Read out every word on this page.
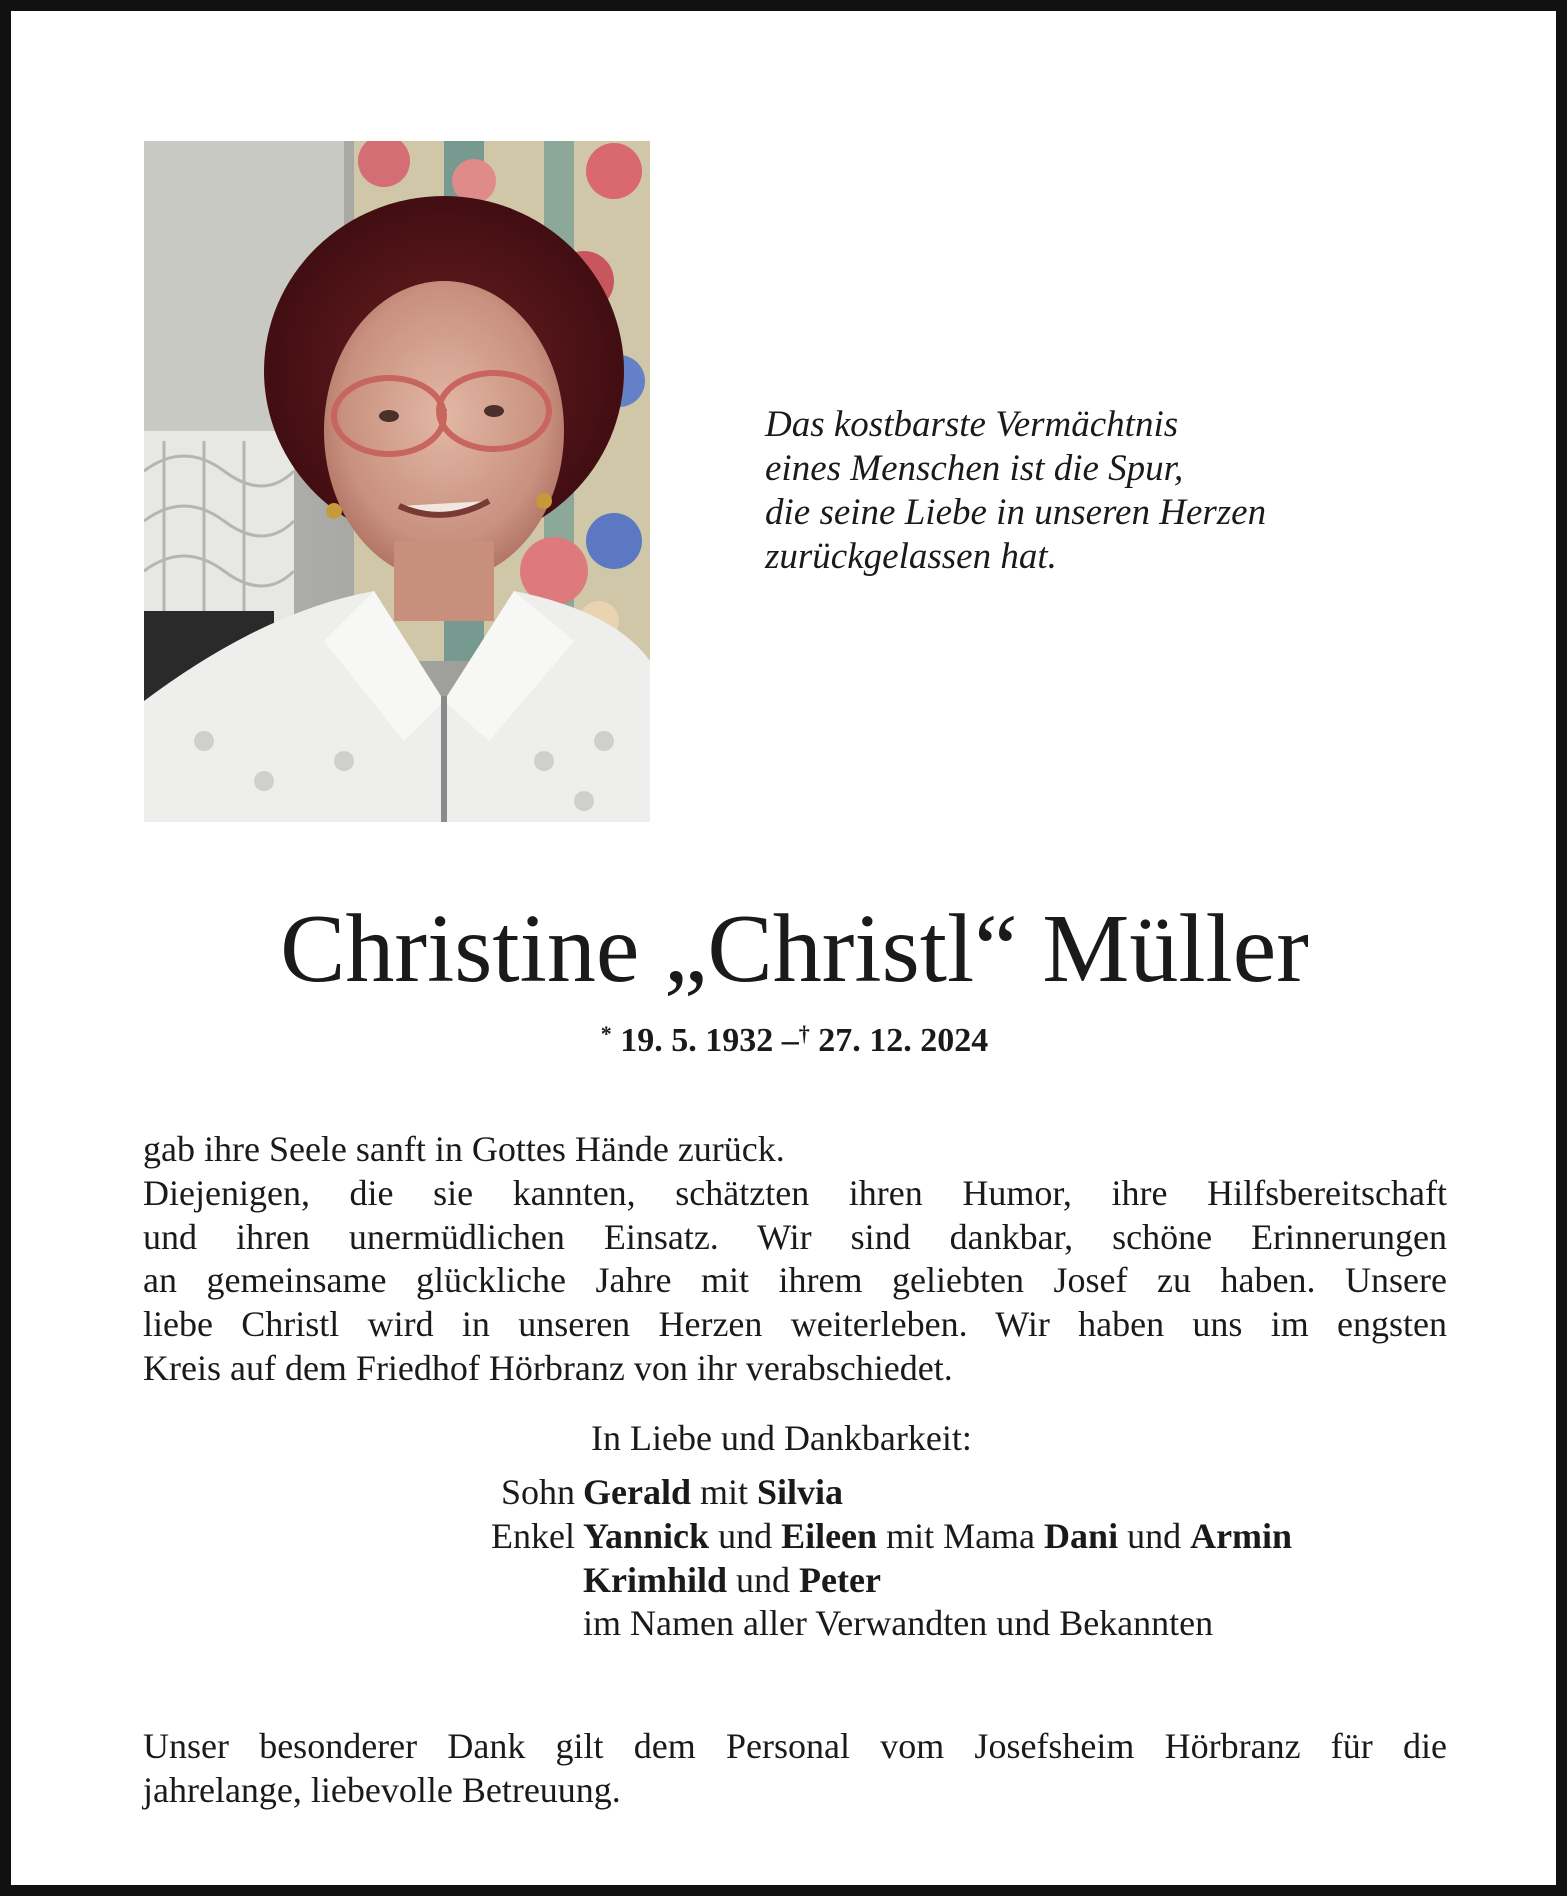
Das kostbarste Vermächtnis
eines Menschen ist die Spur,
die seine Liebe in unseren Herzen
zurückgelassen hat.
Christine „Christl“ Müller
* 19. 5. 1932 –† 27. 12. 2024
gab ihre Seele sanft in Gottes Hände zurück.
Diejenigen, die sie kannten, schätzten ihren Humor, ihre Hilfsbereitschaft
und ihren unermüdlichen Einsatz. Wir sind dankbar, schöne Erinnerungen
an gemeinsame glückliche Jahre mit ihrem geliebten Josef zu haben. Unsere
liebe Christl wird in unseren Herzen weiterleben. Wir haben uns im engsten
Kreis auf dem Friedhof Hörbranz von ihr verabschiedet.
In Liebe und Dankbarkeit:
Sohn Gerald mit Silvia
Enkel Yannick und Eileen mit Mama Dani und Armin
Krimhild und Peter
im Namen aller Verwandten und Bekannten
Unser besonderer Dank gilt dem Personal vom Josefsheim Hörbranz für die
jahrelange, liebevolle Betreuung.
